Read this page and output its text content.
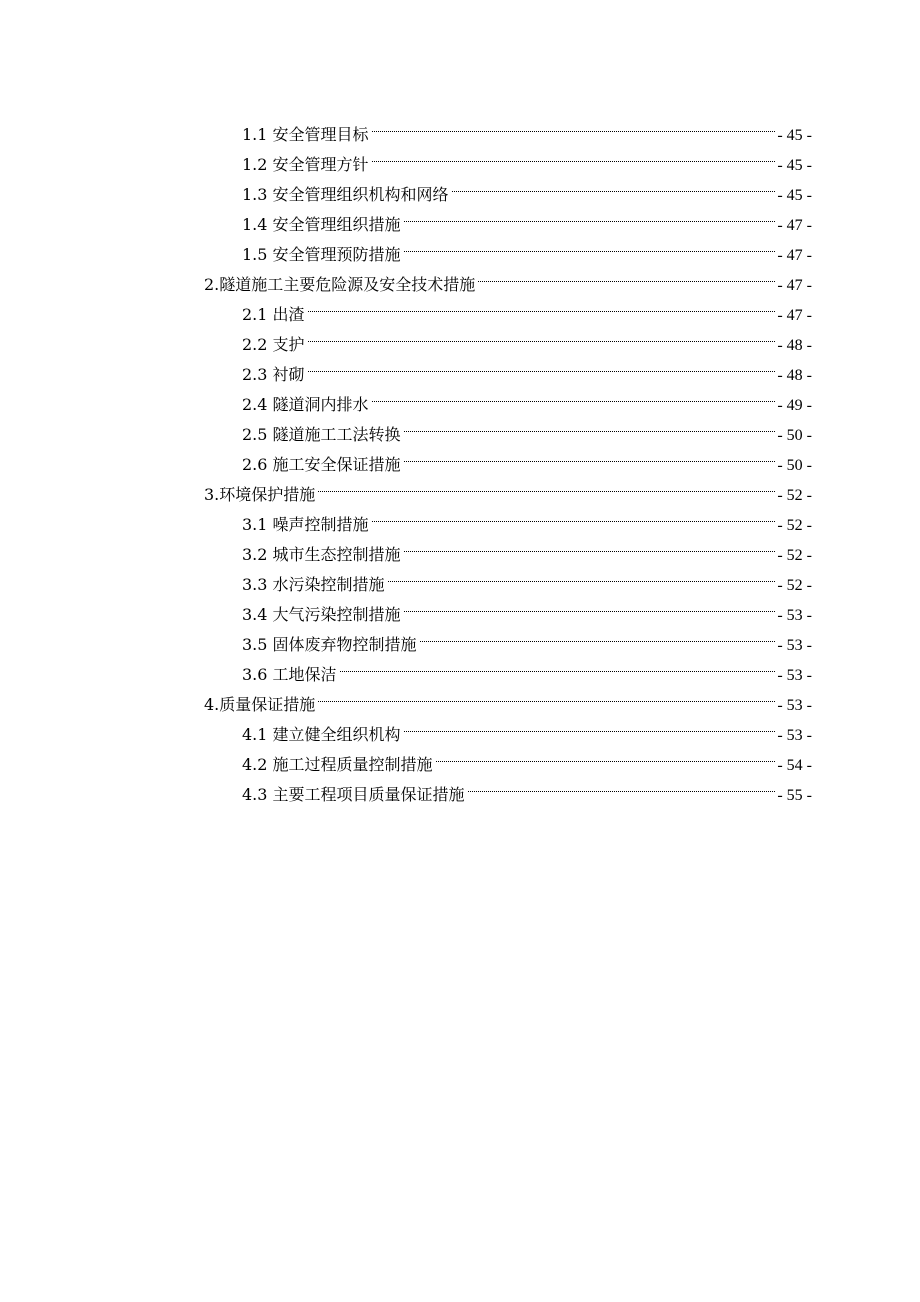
1.1 安全管理目标	- 45 -
1.2 安全管理方针	- 45 -
1.3 安全管理组织机构和网络	- 45 -
1.4 安全管理组织措施	- 47 -
1.5 安全管理预防措施	- 47 -
2.隧道施工主要危险源及安全技术措施	- 47 -
2.1 出渣	- 47 -
2.2 支护	- 48 -
2.3 衬砌	- 48 -
2.4 隧道洞内排水	- 49 -
2.5 隧道施工工法转换	- 50 -
2.6 施工安全保证措施	- 50 -
3.环境保护措施	- 52 -
3.1 噪声控制措施	- 52 -
3.2 城市生态控制措施	- 52 -
3.3 水污染控制措施	- 52 -
3.4 大气污染控制措施	- 53 -
3.5 固体废弃物控制措施	- 53 -
3.6 工地保洁	- 53 -
4.质量保证措施	- 53 -
4.1 建立健全组织机构	- 53 -
4.2 施工过程质量控制措施	- 54 -
4.3 主要工程项目质量保证措施	- 55 -
